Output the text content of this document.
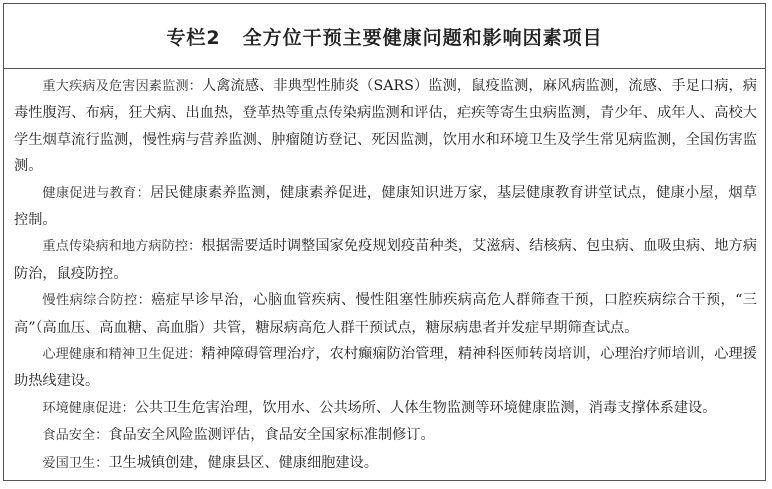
专栏2 全方位干预主要健康问题和影响因素项目

重大疾病及危害因素监测：人禽流感、非典型性肺炎（SARS）监测，鼠疫监测，麻风病监测，流感、手足口病，病毒性腹泻、布病，狂犬病、出血热，登革热等重点传染病监测和评估，疟疾等寄生虫病监测，青少年、成年人、高校大学生烟草流行监测，慢性病与营养监测、肿瘤随访登记、死因监测，饮用水和环境卫生及学生常见病监测，全国伤害监测。

健康促进与教育：居民健康素养监测，健康素养促进，健康知识进万家，基层健康教育讲堂试点，健康小屋，烟草控制。

重点传染病和地方病防控：根据需要适时调整国家免疫规划疫苗种类，艾滋病、结核病、包虫病、血吸虫病、地方病防治，鼠疫防控。

慢性病综合防控：癌症早诊早治，心脑血管疾病、慢性阻塞性肺疾病高危人群筛查干预，口腔疾病综合干预，“三高”（高血压、高血糖、高血脂）共管，糖尿病高危人群干预试点，糖尿病患者并发症早期筛查试点。

心理健康和精神卫生促进：精神障碍管理治疗，农村癫痫防治管理，精神科医师转岗培训，心理治疗师培训，心理援助热线建设。

环境健康促进：公共卫生危害治理，饮用水、公共场所、人体生物监测等环境健康监测，消毒支撑体系建设。

食品安全：食品安全风险监测评估，食品安全国家标准制修订。

爱国卫生：卫生城镇创建，健康县区、健康细胞建设。
